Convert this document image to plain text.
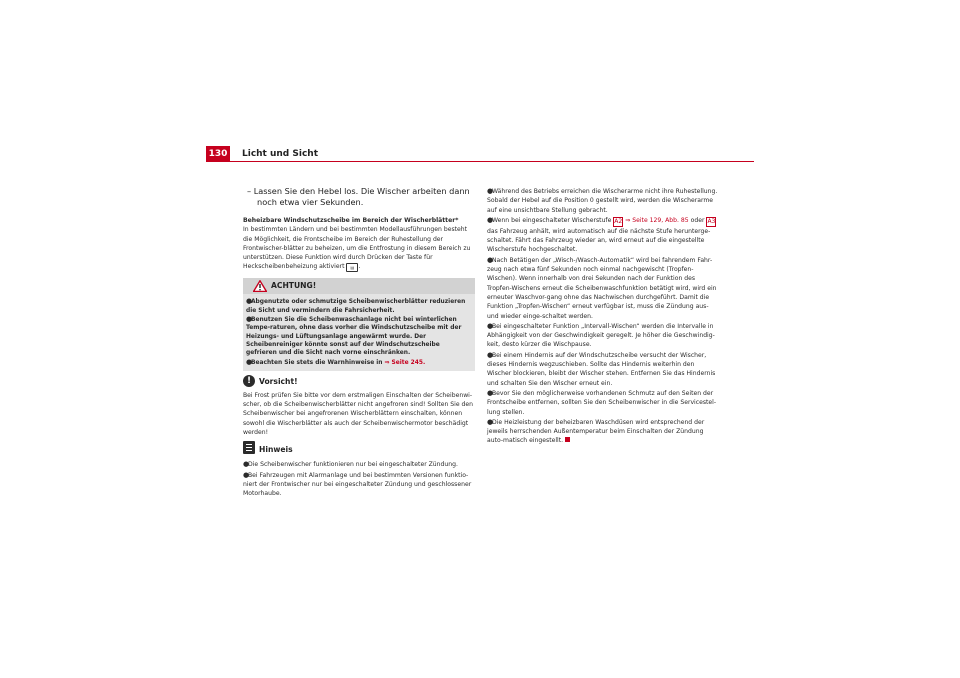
130 Licht und Sicht

– Lassen Sie den Hebel los. Die Wischer arbeiten dann noch etwa vier Sekunden.

Beheizbare Windschutzscheibe im Bereich der Wischerblätter*

In bestimmten Ländern und bei bestimmten Modellausführungen besteht die Möglichkeit, die Frontscheibe im Bereich der Ruhestellung der Frontwischer-blätter zu beheizen, um die Entfrostung in diesem Bereich zu unterstützen. Diese Funktion wird durch Drücken der Taste für Heckscheibenbeheizung aktiviert ▤ .

ACHTUNG!

●Abgenutzte oder schmutzige Scheibenwischerblätter reduzieren die Sicht und vermindern die Fahrsicherheit.

●Benutzen Sie die Scheibenwaschanlage nicht bei winterlichen Tempe-raturen, ohne dass vorher die Windschutzscheibe mit der Heizungs- und Lüftungsanlage angewärmt wurde. Der Scheibenreiniger könnte sonst auf der Windschutzscheibe gefrieren und die Sicht nach vorne einschränken.

●Beachten Sie stets die Warnhinweise in ⇒ Seite 245.

!	Vorsicht!

Bei Frost prüfen Sie bitte vor dem erstmaligen Einschalten der Scheibenwi-scher, ob die Scheibenwischerblätter nicht angefroren sind! Sollten Sie den Scheibenwischer bei angefrorenen Wischerblättern einschalten, können sowohl die Wischerblätter als auch der Scheibenwischermotor beschädigt werden!

Hinweis

●Die Scheibenwischer funktionieren nur bei eingeschalteter Zündung.

●Bei Fahrzeugen mit Alarmanlage und bei bestimmten Versionen funktio-niert der Frontwischer nur bei eingeschalteter Zündung und geschlossener Motorhaube.

●Während des Betriebs erreichen die Wischerarme nicht ihre Ruhestellung. Sobald der Hebel auf die Position 0 gestellt wird, werden die Wischerarme auf eine unsichtbare Stellung gebracht.

●Wenn bei eingeschalteter Wischerstufe A2 ⇒ Seite 129, Abb. 85 oder A3 das Fahrzeug anhält, wird automatisch auf die nächste Stufe herunterge-schaltet. Fährt das Fahrzeug wieder an, wird erneut auf die eingestellte Wischerstufe hochgeschaltet.

●Nach Betätigen der „Wisch-/Wasch-Automatik“ wird bei fahrendem Fahr-zeug nach etwa fünf Sekunden noch einmal nachgewischt (Tropfen-Wischen). Wenn innerhalb von drei Sekunden nach der Funktion des Tropfen-Wischens erneut die Scheibenwaschfunktion betätigt wird, wird ein erneuter Waschvor-gang ohne das Nachwischen durchgeführt. Damit die Funktion „Tropfen-Wischen“ erneut verfügbar ist, muss die Zündung aus- und wieder einge-schaltet werden.

●Bei eingeschalteter Funktion „Intervall-Wischen“ werden die Intervalle in Abhängigkeit von der Geschwindigkeit geregelt. Je höher die Geschwindig-keit, desto kürzer die Wischpause.

●Bei einem Hindernis auf der Windschutzscheibe versucht der Wischer, dieses Hindernis wegzuschieben. Sollte das Hindernis weiterhin den Wischer blockieren, bleibt der Wischer stehen. Entfernen Sie das Hindernis und schalten Sie den Wischer erneut ein.

●Bevor Sie den möglicherweise vorhandenen Schmutz auf den Seiten der Frontscheibe entfernen, sollten Sie den Scheibenwischer in die Servicestel-lung stellen.

●Die Heizleistung der beheizbaren Waschdüsen wird entsprechend der jeweils herrschenden Außentemperatur beim Einschalten der Zündung auto-matisch eingestellt.
